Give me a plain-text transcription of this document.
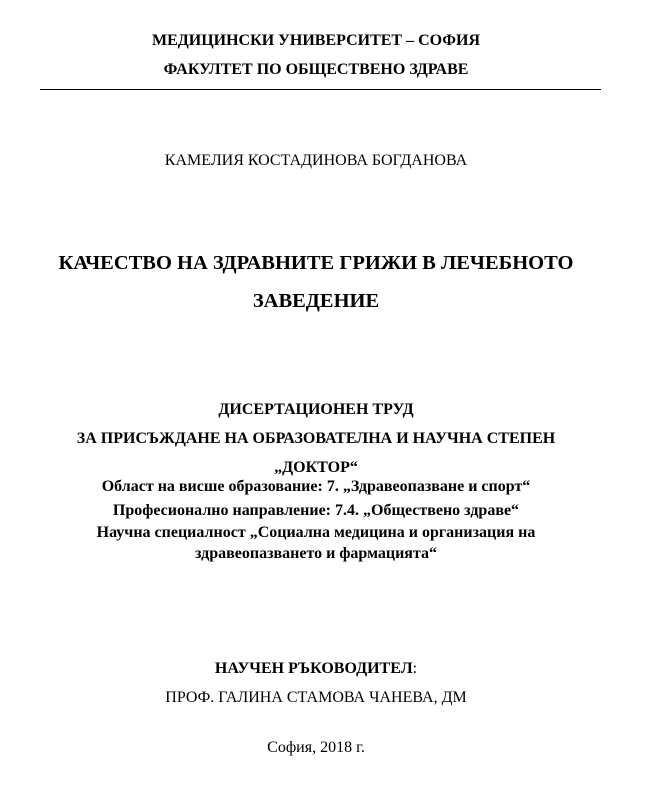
МЕДИЦИНСКИ УНИВЕРСИТЕТ – СОФИЯ
ФАКУЛТЕТ ПО ОБЩЕСТВЕНО ЗДРАВЕ
КАМЕЛИЯ КОСТАДИНОВА БОГДАНОВА
КАЧЕСТВО НА ЗДРАВНИТЕ ГРИЖИ В ЛЕЧЕБНОТО
ЗАВЕДЕНИЕ
ДИСЕРТАЦИОНЕН ТРУД
ЗА ПРИСЪЖДАНЕ НА ОБРАЗОВАТЕЛНА И НАУЧНА СТЕПЕН
„ДОКТОР“
Област на висше образование: 7. „Здравеопазване и спорт“
Професионално направление: 7.4. „Обществено здраве“
Научна специалност „Социална медицина и организация на
здравеопазването и фармацията“
НАУЧЕН РЪКОВОДИТЕЛ:
ПРОФ. ГАЛИНА СТАМОВА ЧАНЕВА, ДМ
София, 2018 г.
